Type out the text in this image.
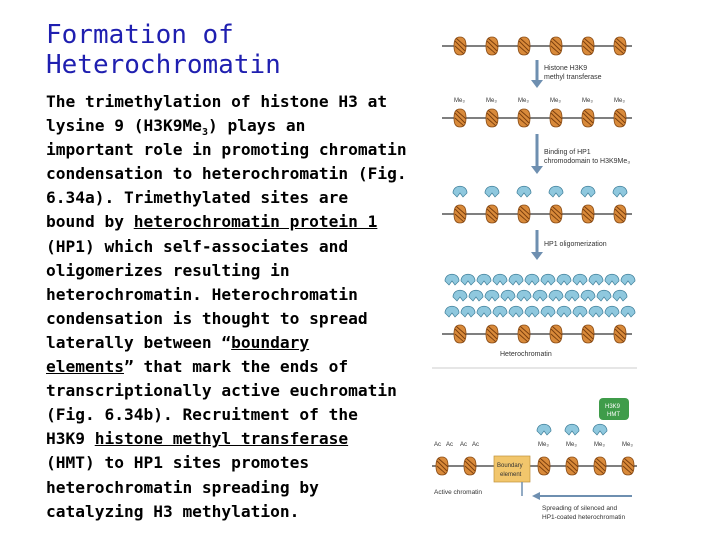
Formation of
Heterochromatin
The trimethylation of histone H3 at
lysine 9 $(H3K9Me_3)$ plays an
important role in promoting chromatin
condensation to heterochromatin (Fig.
6.34a). Trimethylated sites are
bound by heterochromatin protein 1
(HP1) which self-associates and
oligomerizes resulting in
heterochromatin. Heterochromatin
condensation is thought to spread
laterally between “boundary
elements” that mark the ends of
transcriptionally active euchromatin
(Fig. 6.34b). Recruitment of the
H3K9 histone methyl transferase
(HMT) to HP1 sites promotes
heterochromatin spreading by
catalyzing H3 methylation.
Histone H3K9
methyl transferase
Me₃	Me₃	Me₃	Me₃	Me₃	Me₃
Binding of HP1
chromodomain to H3K9Me₃
HP1 oligomerization
Heterochromatin
H3K9
HMT
Ac Ac Ac Ac	Me₃	Me₃	Me₃	Me₃
Boundary
element
Active chromatin
Spreading of silenced and
HP1-coated heterochromatin
